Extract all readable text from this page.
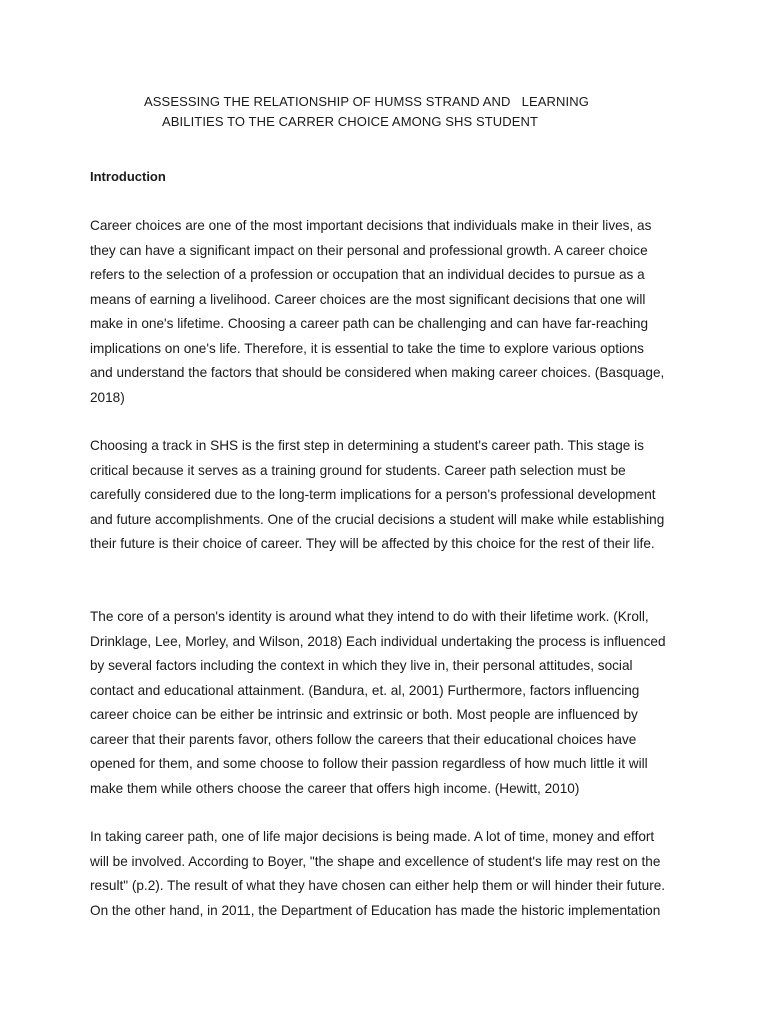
ASSESSING THE RELATIONSHIP OF HUMSS STRAND AND   LEARNING
ABILITIES TO THE CARRER CHOICE AMONG SHS STUDENT
Introduction
Career choices are one of the most important decisions that individuals make in their lives, as
they can have a significant impact on their personal and professional growth. A career choice
refers to the selection of a profession or occupation that an individual decides to pursue as a
means of earning a livelihood. Career choices are the most significant decisions that one will
make in one's lifetime. Choosing a career path can be challenging and can have far-reaching
implications on one's life. Therefore, it is essential to take the time to explore various options
and understand the factors that should be considered when making career choices. (Basquage,
2018)
Choosing a track in SHS is the first step in determining a student's career path. This stage is
critical because it serves as a training ground for students. Career path selection must be
carefully considered due to the long-term implications for a person's professional development
and future accomplishments. One of the crucial decisions a student will make while establishing
their future is their choice of career. They will be affected by this choice for the rest of their life.
The core of a person's identity is around what they intend to do with their lifetime work. (Kroll,
Drinklage, Lee, Morley, and Wilson, 2018) Each individual undertaking the process is influenced
by several factors including the context in which they live in, their personal attitudes, social
contact and educational attainment. (Bandura, et. al, 2001) Furthermore, factors influencing
career choice can be either be intrinsic and extrinsic or both. Most people are influenced by
career that their parents favor, others follow the careers that their educational choices have
opened for them, and some choose to follow their passion regardless of how much little it will
make them while others choose the career that offers high income. (Hewitt, 2010)
In taking career path, one of life major decisions is being made. A lot of time, money and effort
will be involved. According to Boyer, "the shape and excellence of student's life may rest on the
result" (p.2). The result of what they have chosen can either help them or will hinder their future.
On the other hand, in 2011, the Department of Education has made the historic implementation
